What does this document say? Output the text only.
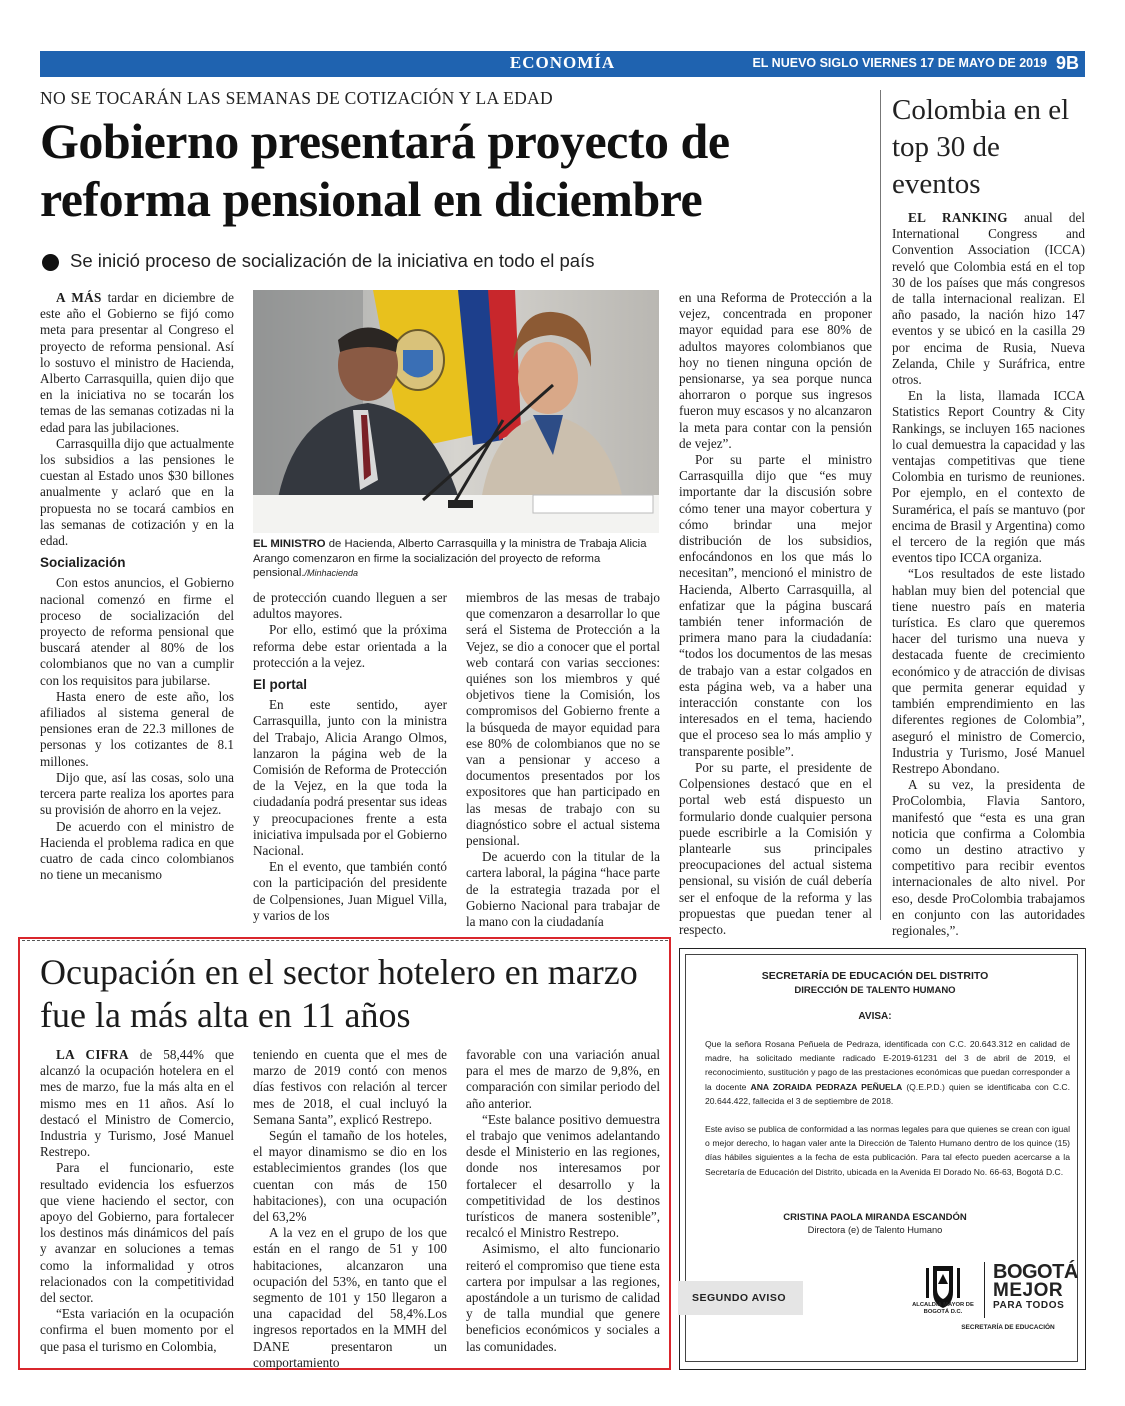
ECONOMÍA	EL NUEVO SIGLO VIERNES 17 DE MAYO DE 2019 9B
NO SE TOCARÁN LAS SEMANAS DE COTIZACIÓN Y LA EDAD
Gobierno presentará proyecto de reforma pensional en diciembre
Se inició proceso de socialización de la iniciativa en todo el país

A MÁS tardar en diciembre de este año el Gobierno se fijó como meta para presentar al Congreso el proyecto de reforma pensional. Así lo sostuvo el ministro de Hacienda, Alberto Carrasquilla, quien dijo que en la iniciativa no se tocarán los temas de las semanas cotizadas ni la edad para las jubilaciones.

Carrasquilla dijo que actualmente los subsidios a las pensiones le cuestan al Estado unos $30 billones anualmente y aclaró que en la propuesta no se tocará cambios en las semanas de cotización y en la edad.

Socialización

Con estos anuncios, el Gobierno nacional comenzó en firme el proceso de socialización del proyecto de reforma pensional que buscará atender al 80% de los colombianos que no van a cumplir con los requisitos para jubilarse.

Hasta enero de este año, los afiliados al sistema general de pensiones eran de 22.3 millones de personas y los cotizantes de 8.1 millones.

Dijo que, así las cosas, solo una tercera parte realiza los aportes para su provisión de ahorro en la vejez.

De acuerdo con el ministro de Hacienda el problema radica en que cuatro de cada cinco colombianos no tiene un mecanismo

EL MINISTRO de Hacienda, Alberto Carrasquilla y la ministra de Trabaja Alicia Arango comenzaron en firme la socialización del proyecto de reforma pensional./Minhacienda

de protección cuando lleguen a ser adultos mayores.

Por ello, estimó que la próxima reforma debe estar orientada a la protección a la vejez.

El portal

En este sentido, ayer Carrasquilla, junto con la ministra del Trabajo, Alicia Arango Olmos, lanzaron la página web de la Comisión de Reforma de Protección de la Vejez, en la que toda la ciudadanía podrá presentar sus ideas y preocupaciones frente a esta iniciativa impulsada por el Gobierno Nacional.

En el evento, que también contó con la participación del presidente de Colpensiones, Juan Miguel Villa, y varios de los

miembros de las mesas de trabajo que comenzaron a desarrollar lo que será el Sistema de Protección a la Vejez, se dio a conocer que el portal web contará con varias secciones: quiénes son los miembros y qué objetivos tiene la Comisión, los compromisos del Gobierno frente a la búsqueda de mayor equidad para ese 80% de colombianos que no se van a pensionar y acceso a documentos presentados por los expositores que han participado en las mesas de trabajo con su diagnóstico sobre el actual sistema pensional.

De acuerdo con la titular de la cartera laboral, la página “hace parte de la estrategia trazada por el Gobierno Nacional para trabajar de la mano con la ciudadanía

en una Reforma de Protección a la vejez, concentrada en proponer mayor equidad para ese 80% de adultos mayores colombianos que hoy no tienen ninguna opción de pensionarse, ya sea porque nunca ahorraron o porque sus ingresos fueron muy escasos y no alcanzaron la meta para contar con la pensión de vejez”.

Por su parte el ministro Carrasquilla dijo que “es muy importante dar la discusión sobre cómo tener una mayor cobertura y cómo brindar una mejor distribución de los subsidios, enfocándonos en los que más lo necesitan”, mencionó el ministro de Hacienda, Alberto Carrasquilla, al enfatizar que la página buscará también tener información de primera mano para la ciudadanía: “todos los documentos de las mesas de trabajo van a estar colgados en esta página web, va a haber una interacción constante con los interesados en el tema, haciendo que el proceso sea lo más amplio y transparente posible”.

Por su parte, el presidente de Colpensiones destacó que en el portal web está dispuesto un formulario donde cualquier persona puede escribirle a la Comisión y plantearle sus principales preocupaciones del actual sistema pensional, su visión de cuál debería ser el enfoque de la reforma y las propuestas que puedan tener al respecto.

Colombia en el top 30 de eventos

EL RANKING anual del International Congress and Convention Association (ICCA) reveló que Colombia está en el top 30 de los países que más congresos de talla internacional realizan. El año pasado, la nación hizo 147 eventos y se ubicó en la casilla 29 por encima de Rusia, Nueva Zelanda, Chile y Suráfrica, entre otros.

En la lista, llamada ICCA Statistics Report Country & City Rankings, se incluyen 165 naciones lo cual demuestra la capacidad y las ventajas competitivas que tiene Colombia en turismo de reuniones. Por ejemplo, en el contexto de Suramérica, el país se mantuvo (por encima de Brasil y Argentina) como el tercero de la región que más eventos tipo ICCA organiza.

“Los resultados de este listado hablan muy bien del potencial que tiene nuestro país en materia turística. Es claro que queremos hacer del turismo una nueva y destacada fuente de crecimiento económico y de atracción de divisas que permita generar equidad y también emprendimiento en las diferentes regiones de Colombia”, aseguró el ministro de Comercio, Industria y Turismo, José Manuel Restrepo Abondano.

A su vez, la presidenta de ProColombia, Flavia Santoro, manifestó que “esta es una gran noticia que confirma a Colombia como un destino atractivo y competitivo para recibir eventos internacionales de alto nivel. Por eso, desde ProColombia trabajamos en conjunto con las autoridades regionales,”.

Ocupación en el sector hotelero en marzo fue la más alta en 11 años

LA CIFRA de 58,44% que alcanzó la ocupación hotelera en el mes de marzo, fue la más alta en el mismo mes en 11 años. Así lo destacó el Ministro de Comercio, Industria y Turismo, José Manuel Restrepo.

Para el funcionario, este resultado evidencia los esfuerzos que viene haciendo el sector, con apoyo del Gobierno, para fortalecer los destinos más dinámicos del país y avanzar en soluciones a temas como la informalidad y otros relacionados con la competitividad del sector.

“Esta variación en la ocupación confirma el buen momento por el que pasa el turismo en Colombia,

teniendo en cuenta que el mes de marzo de 2019 contó con menos días festivos con relación al tercer mes de 2018, el cual incluyó la Semana Santa”, explicó Restrepo.

Según el tamaño de los hoteles, el mayor dinamismo se dio en los establecimientos grandes (los que cuentan con más de 150 habitaciones), con una ocupación del 63,2%

A la vez en el grupo de los que están en el rango de 51 y 100 habitaciones, alcanzaron una ocupación del 53%, en tanto que el segmento de 101 y 150 llegaron a una capacidad del 58,4%.Los ingresos reportados en la MMH del DANE presentaron un comportamiento

favorable con una variación anual para el mes de marzo de 9,8%, en comparación con similar periodo del año anterior.

“Este balance positivo demuestra el trabajo que venimos adelantando desde el Ministerio en las regiones, donde nos interesamos por fortalecer el desarrollo y la competitividad de los destinos turísticos de manera sostenible”, recalcó el Ministro Restrepo.

Asimismo, el alto funcionario reiteró el compromiso que tiene esta cartera por impulsar a las regiones, apostándole a un turismo de calidad y de talla mundial que genere beneficios económicos y sociales a las comunidades.

SECRETARÍA DE EDUCACIÓN DEL DISTRITO
DIRECCIÓN DE TALENTO HUMANO
AVISA:
Que la señora Rosana Peñuela de Pedraza, identificada con C.C. 20.643.312 en calidad de madre, ha solicitado mediante radicado E-2019-61231 del 3 de abril de 2019, el reconocimiento, sustitución y pago de las prestaciones económicas que puedan corresponder a la docente ANA ZORAIDA PEDRAZA PEÑUELA (Q.E.P.D.) quien se identificaba con C.C. 20.644.422, fallecida el 3 de septiembre de 2018.
Este aviso se publica de conformidad a las normas legales para que quienes se crean con igual o mejor derecho, lo hagan valer ante la Dirección de Talento Humano dentro de los quince (15) días hábiles siguientes a la fecha de esta publicación. Para tal efecto pueden acercarse a la Secretaría de Educación del Distrito, ubicada en la Avenida El Dorado No. 66-63, Bogotá D.C.
CRISTINA PAOLA MIRANDA ESCANDÓN
Directora (e) de Talento Humano
SEGUNDO AVISO
ALCALDÍA MAYOR DE BOGOTÁ D.C.
BOGOTÁ
MEJOR
PARA TODOS
SECRETARÍA DE EDUCACIÓN
